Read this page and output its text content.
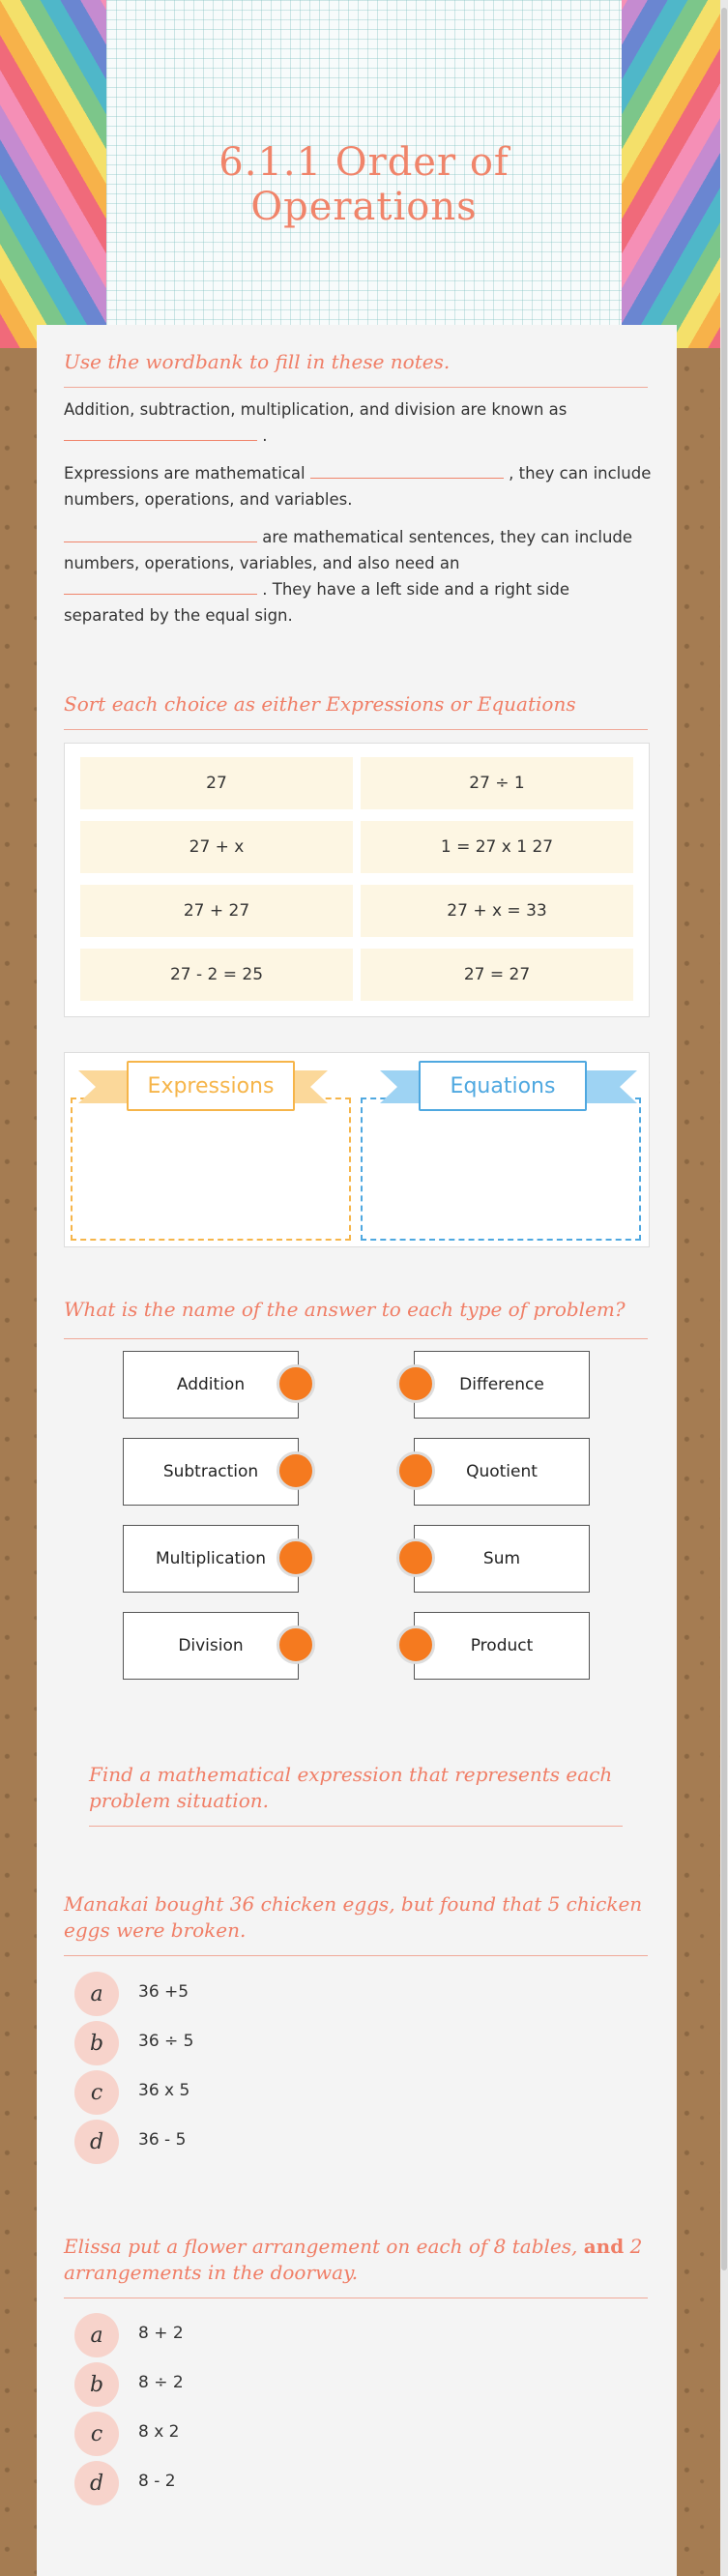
6.1.1 Order of Operations
Use the wordbank to fill in these notes.
Addition, subtraction, multiplication, and division are known as
.
Expressions are mathematical	, they can include numbers, operations, and variables.
are mathematical sentences, they can include numbers, operations, variables, and also need an  . They have a left side and a right side separated by the equal sign.
Sort each choice as either Expressions or Equations
27	27 ÷ 1
27 + x	1 = 27 x 1 27
27 + 27	27 + x = 33
27 - 2 = 25	27 = 27
Expressions	Equations
What is the name of the answer to each type of problem?
Addition	Difference
Subtraction	Quotient
Multiplication	Sum
Division	Product
Find a mathematical expression that represents each problem situation.
Manakai bought 36 chicken eggs, but found that 5 chicken eggs were broken.
a	36 +5
b	36 ÷ 5
c	36 x 5
d	36 - 5
Elissa put a flower arrangement on each of 8 tables, and 2 arrangements in the doorway.
a	8 + 2
b	8 ÷ 2
c	8 x 2
d	8 - 2
